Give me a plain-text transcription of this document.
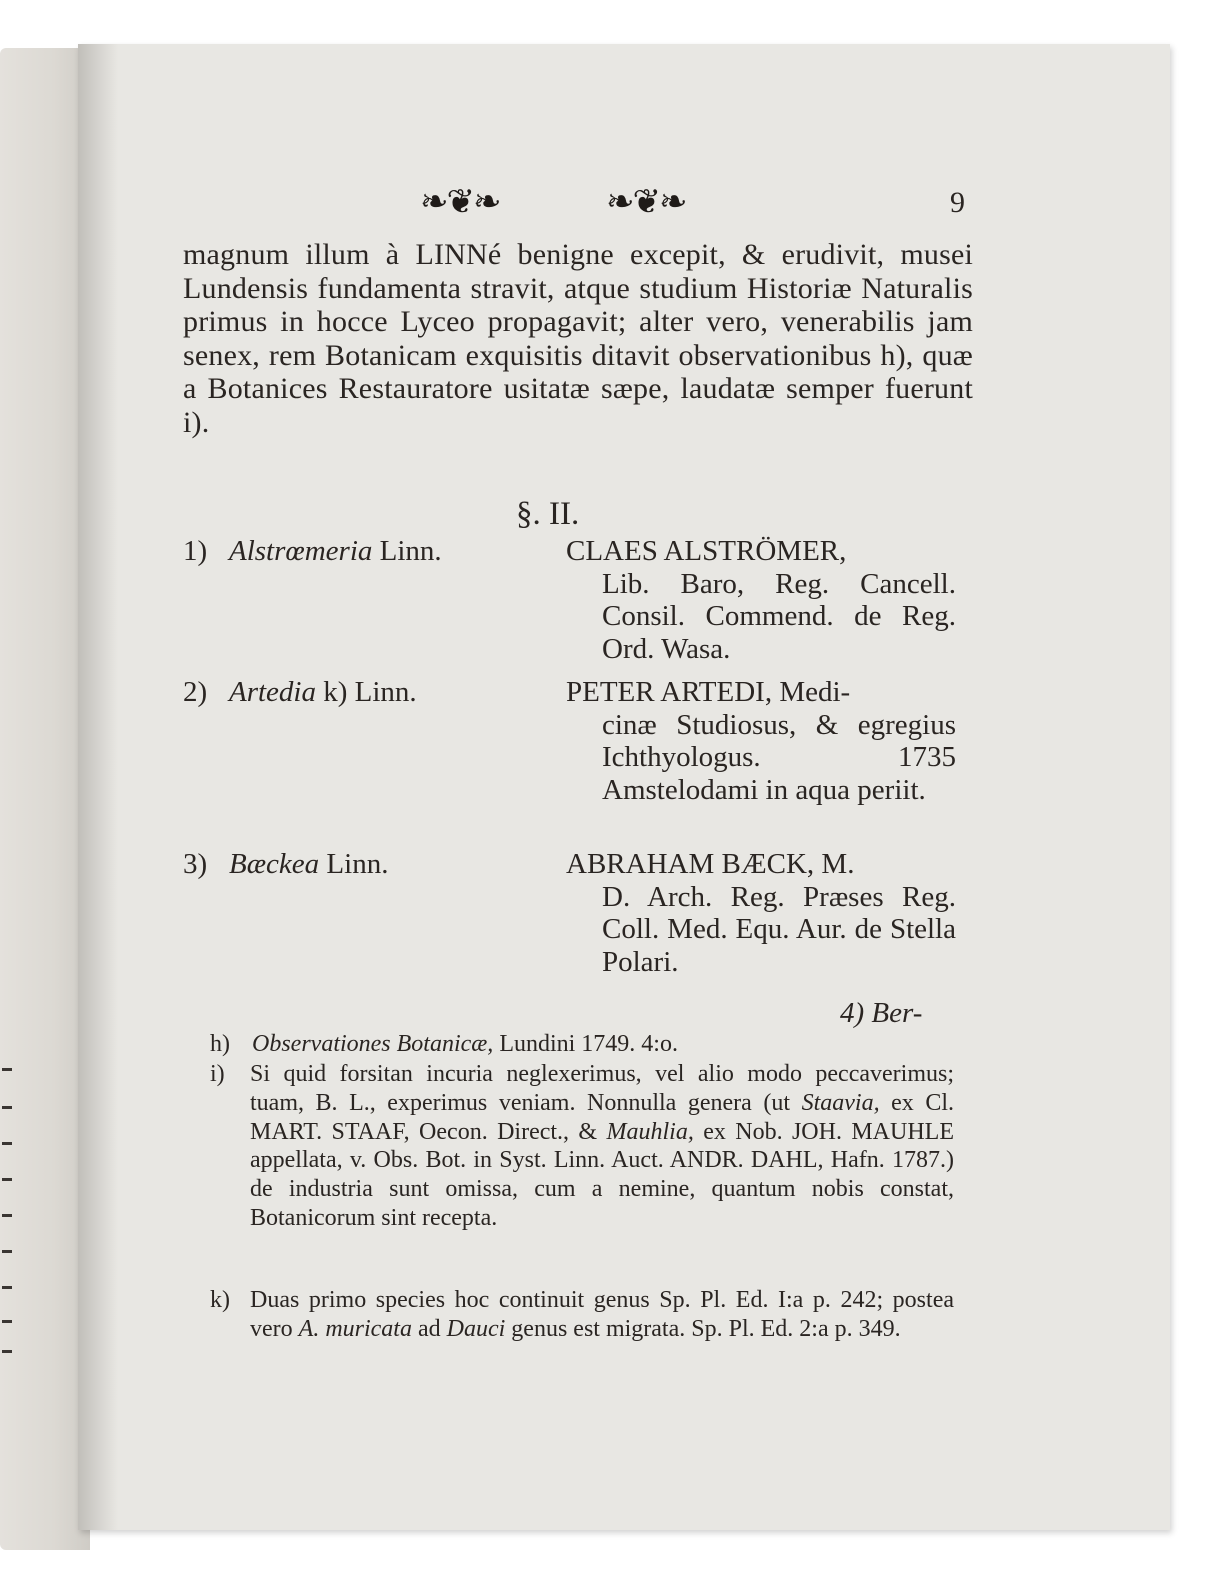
❧❦❧	❧❦❧	9
magnum illum à LINNé benigne excepit, & erudivit, musei Lundensis fundamenta stravit, atque studium Historiæ Naturalis primus in hocce Lyceo propagavit; alter vero, venerabilis jam senex, rem Botanicam exquisitis ditavit observationibus h), quæ a Botanices Restauratore usitatæ sæpe, laudatæ semper fuerunt i).
§. II.
1) Alstrœmeria Linn.	CLAES ALSTRÖMER,
Lib. Baro, Reg. Cancell. Consil. Commend. de Reg. Ord. Wasa.
2) Artedia k) Linn.	PETER ARTEDI, Medi-
cinæ Studiosus, & egregius Ichthyologus. 1735 Amstelodami in aqua periit.
3) Bæckea Linn.	ABRAHAM BÆCK, M.
D. Arch. Reg. Præses Reg. Coll. Med. Equ. Aur. de Stella Polari.
4) Ber-
h) Observationes Botanicæ, Lundini 1749. 4:o.
i) Si quid forsitan incuria neglexerimus, vel alio modo peccaverimus; tuam, B. L., experimus veniam. Nonnulla genera (ut Staavia, ex Cl. MART. STAAF, Oecon. Direct., & Mauhlia, ex Nob. JOH. MAUHLE appellata, v. Obs. Bot. in Syst. Linn. Auct. ANDR. DAHL, Hafn. 1787.) de industria sunt omissa, cum a nemine, quantum nobis constat, Botanicorum sint recepta.
k) Duas primo species hoc continuit genus Sp. Pl. Ed. I:a p. 242; postea vero A. muricata ad Dauci genus est migrata. Sp. Pl. Ed. 2:a p. 349.
